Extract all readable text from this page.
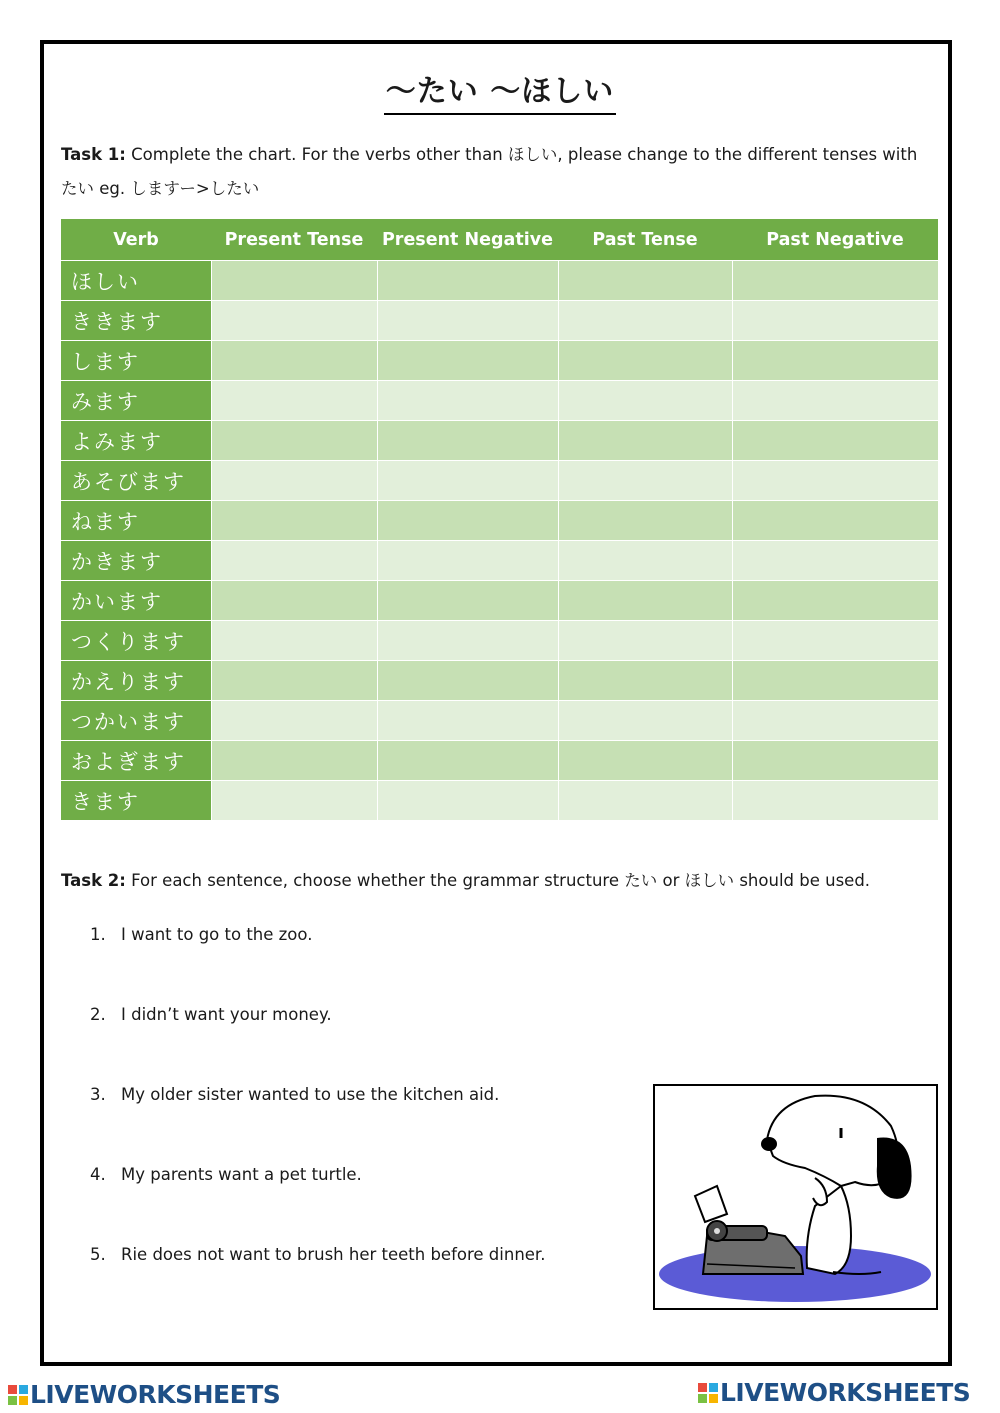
〜たい 〜ほしい
Task 1: Complete the chart. For the verbs other than ほしい, please change to the different tenses with たい eg. しますー>したい
Verb	Present Tense	Present Negative	Past Tense	Past Negative
ほしい				
ききます				
します				
みます				
よみます				
あそびます				
ねます				
かきます				
かいます				
つくります				
かえります				
つかいます				
およぎます				
きます				
Task 2: For each sentence, choose whether the grammar structure たい or ほしい should be used.
1. I want to go to the zoo.
2. I didn’t want your money.
3. My older sister wanted to use the kitchen aid.
4. My parents want a pet turtle.
5. Rie does not want to brush her teeth before dinner.
LIVEWORKSHEETS	LIVEWORKSHEETS
